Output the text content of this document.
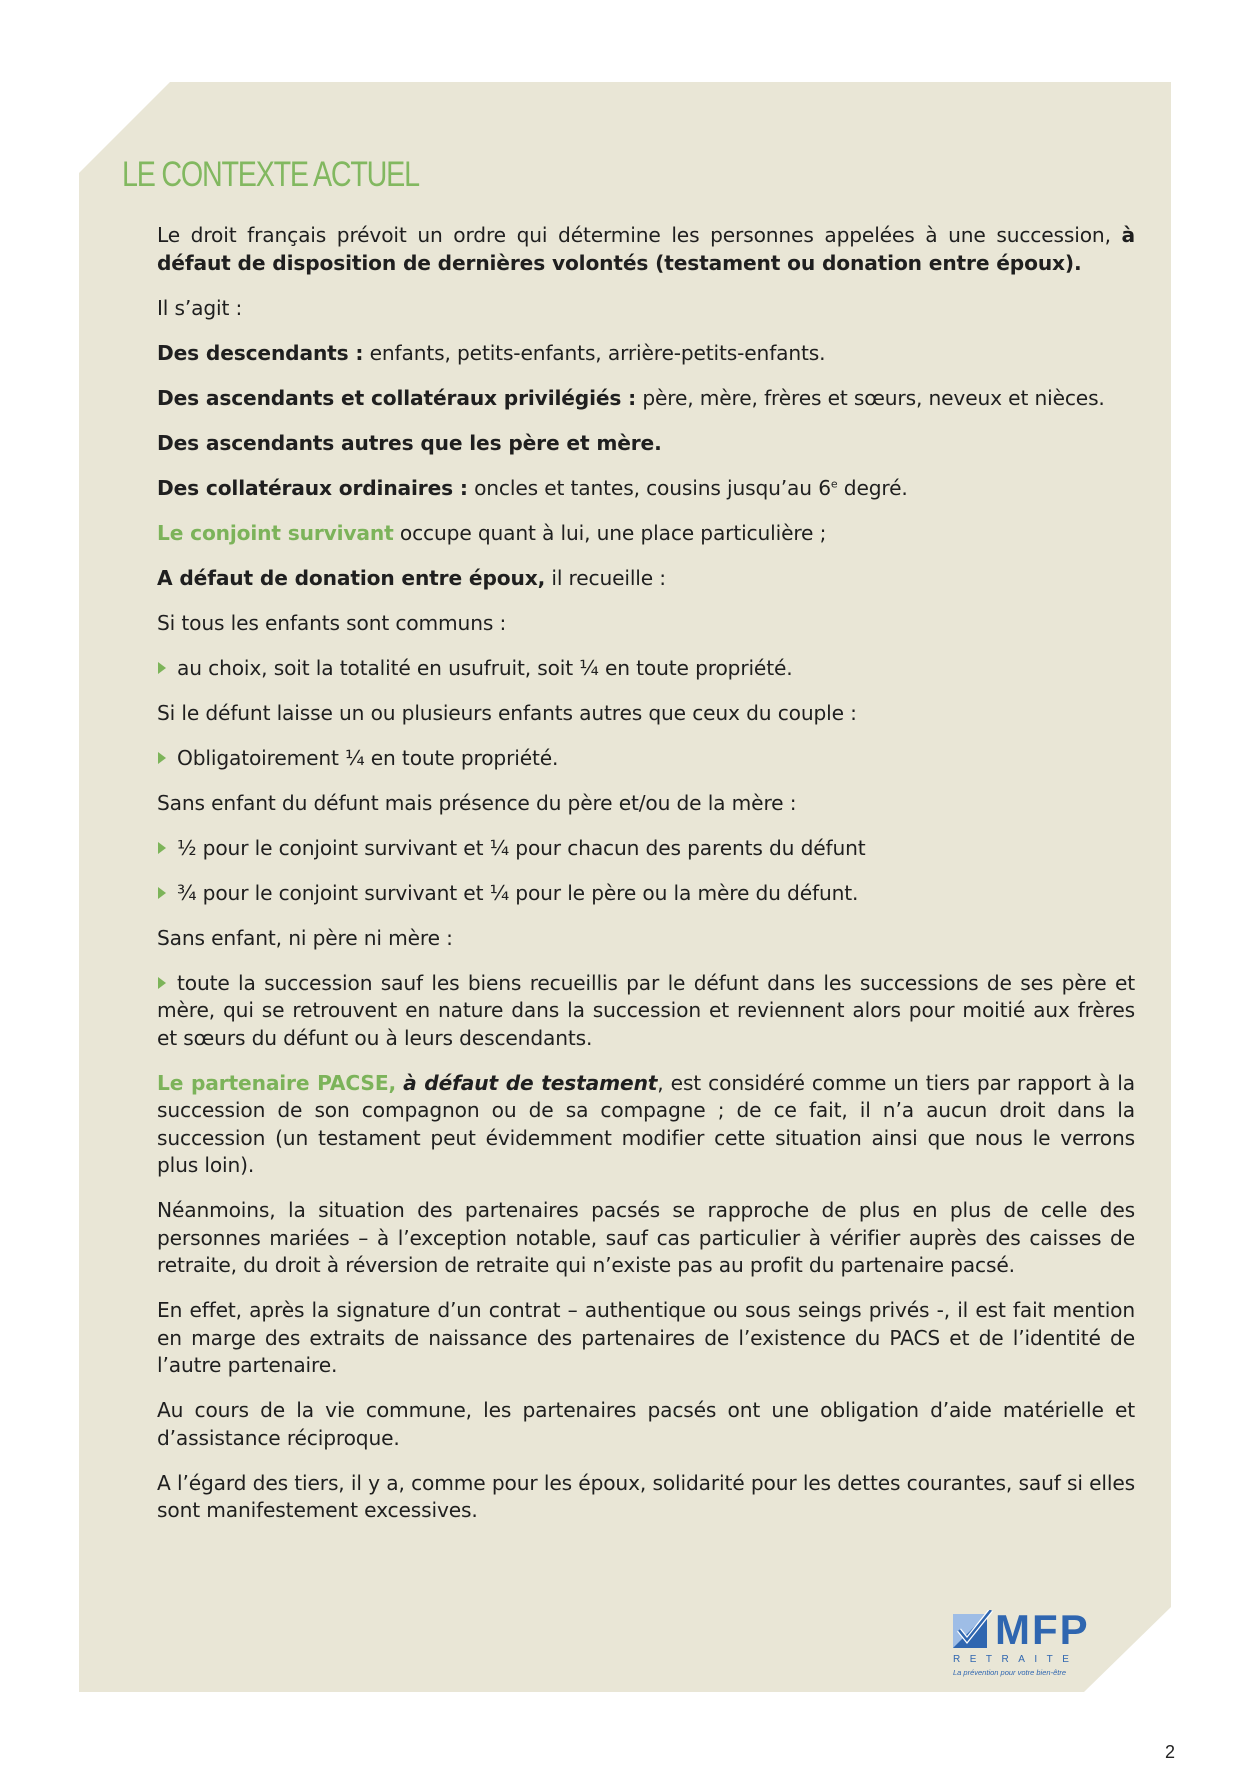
LE CONTEXTE ACTUEL

Le droit français prévoit un ordre qui détermine les personnes appelées à une succession, à défaut de disposition de dernières volontés (testament ou donation entre époux).

Il s’agit :

Des descendants : enfants, petits-enfants, arrière-petits-enfants.

Des ascendants et collatéraux privilégiés : père, mère, frères et sœurs, neveux et nièces.

Des ascendants autres que les père et mère.

Des collatéraux ordinaires : oncles et tantes, cousins jusqu’au 6e degré.

Le conjoint survivant occupe quant à lui, une place particulière ;

A défaut de donation entre époux, il recueille :

Si tous les enfants sont communs :

au choix, soit la totalité en usufruit, soit ¼ en toute propriété.

Si le défunt laisse un ou plusieurs enfants autres que ceux du couple :

Obligatoirement ¼ en toute propriété.

Sans enfant du défunt mais présence du père et/ou de la mère :

½ pour le conjoint survivant et ¼ pour chacun des parents du défunt

¾ pour le conjoint survivant et ¼ pour le père ou la mère du défunt.

Sans enfant, ni père ni mère :

toute la succession sauf les biens recueillis par le défunt dans les successions de ses père et mère, qui se retrouvent en nature dans la succession et reviennent alors pour moitié aux frères et sœurs du défunt ou à leurs descendants.

Le partenaire PACSE, à défaut de testament, est considéré comme un tiers par rapport à la succession de son compagnon ou de sa compagne ; de ce fait, il n’a aucun droit dans la succession (un testament peut évidemment modifier cette situation ainsi que nous le verrons plus loin).

Néanmoins, la situation des partenaires pacsés se rapproche de plus en plus de celle des personnes mariées – à l’exception notable, sauf cas particulier à vérifier auprès des caisses de retraite, du droit à réversion de retraite qui n’existe pas au profit du partenaire pacsé.

En effet, après la signature d’un contrat – authentique ou sous seings privés -, il est fait mention en marge des extraits de naissance des partenaires de l’existence du PACS et de l’identité de l’autre partenaire.

Au cours de la vie commune, les partenaires pacsés ont une obligation d’aide matérielle et d’assistance réciproque.

A l’égard des tiers, il y a, comme pour les époux, solidarité pour les dettes courantes, sauf si elles sont manifestement excessives.

MFP
RETRAITE
La prévention pour votre bien-être
2
